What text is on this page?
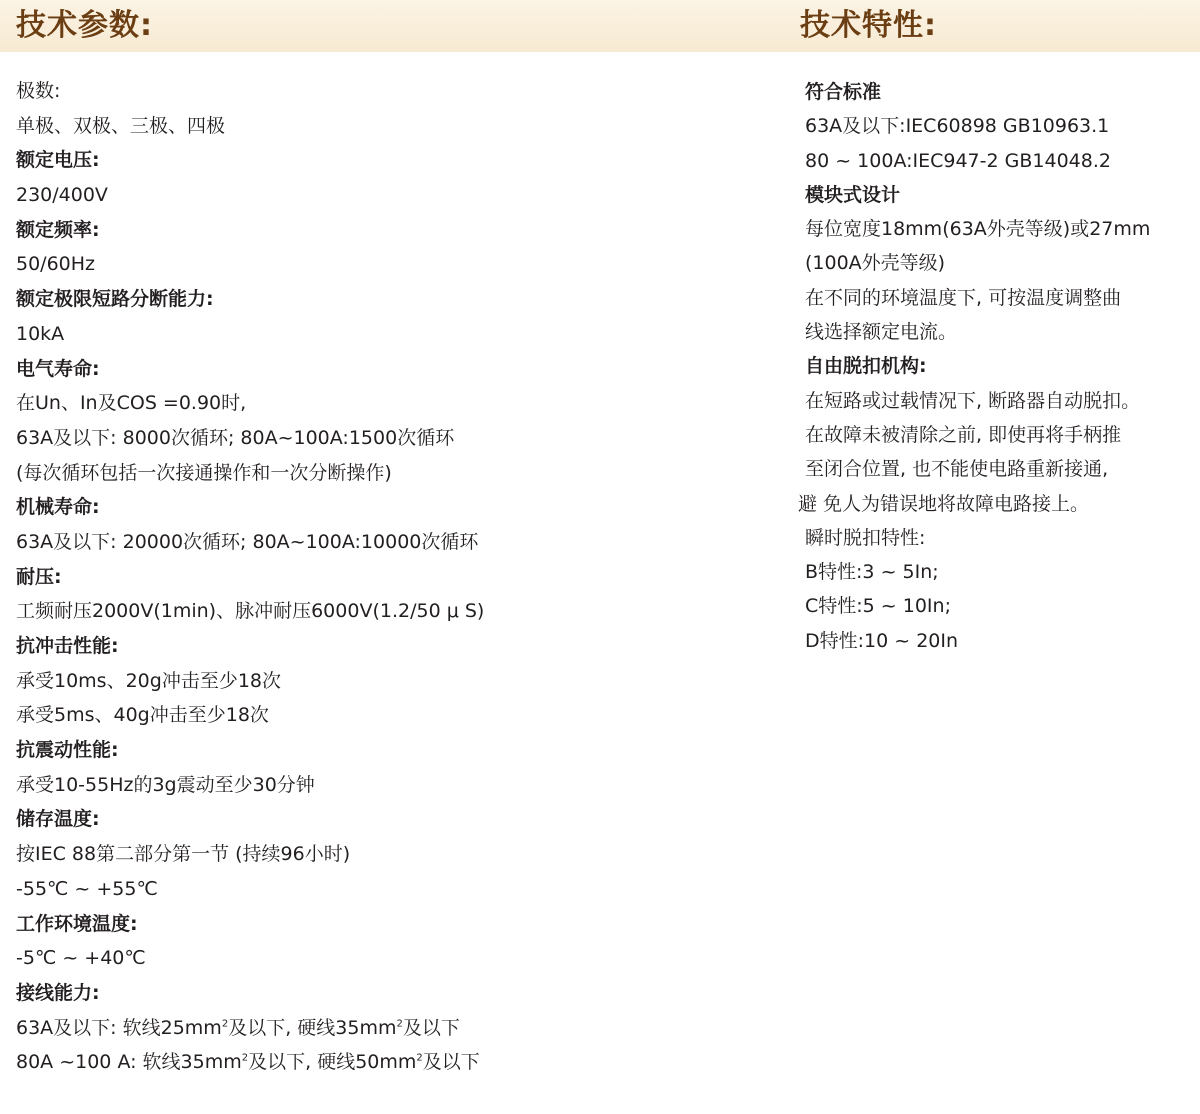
技术参数:	技术特性:
极数:
单极、双极、三极、四极
额定电压:
230/400V
额定频率:
50/60Hz
额定极限短路分断能力:
10kA
电气寿命:
在Un、In及COS =0.90时,
63A及以下: 8000次循环; 80A~100A:1500次循环
(每次循环包括一次接通操作和一次分断操作)
机械寿命:
63A及以下: 20000次循环; 80A~100A:10000次循环
耐压:
工频耐压2000V(1min)、脉冲耐压6000V(1.2/50 μ S)
抗冲击性能:
承受10ms、20g冲击至少18次
承受5ms、40g冲击至少18次
抗震动性能:
承受10-55Hz的3g震动至少30分钟
储存温度:
按IEC 88第二部分第一节 (持续96小时)
-55℃ ~ +55℃
工作环境温度:
-5℃ ~ +40℃
接线能力:
63A及以下: 软线$25mm^2$及以下, 硬线$35mm^2$及以下
80A ~100 A: 软线$35mm^2$及以下, 硬线$50mm^2$及以下
符合标准
63A及以下:IEC60898 GB10963.1
80 ~ 100A:IEC947-2 GB14048.2
模块式设计
每位宽度18mm(63A外壳等级)或27mm
(100A外壳等级)
在不同的环境温度下, 可按温度调整曲
线选择额定电流。
自由脱扣机构:
在短路或过载情况下, 断路器自动脱扣。
在故障未被清除之前, 即使再将手柄推
至闭合位置, 也不能使电路重新接通,
避 免人为错误地将故障电路接上。
瞬时脱扣特性:
B特性:3 ~ 5In;
C特性:5 ~ 10In;
D特性:10 ~ 20In
